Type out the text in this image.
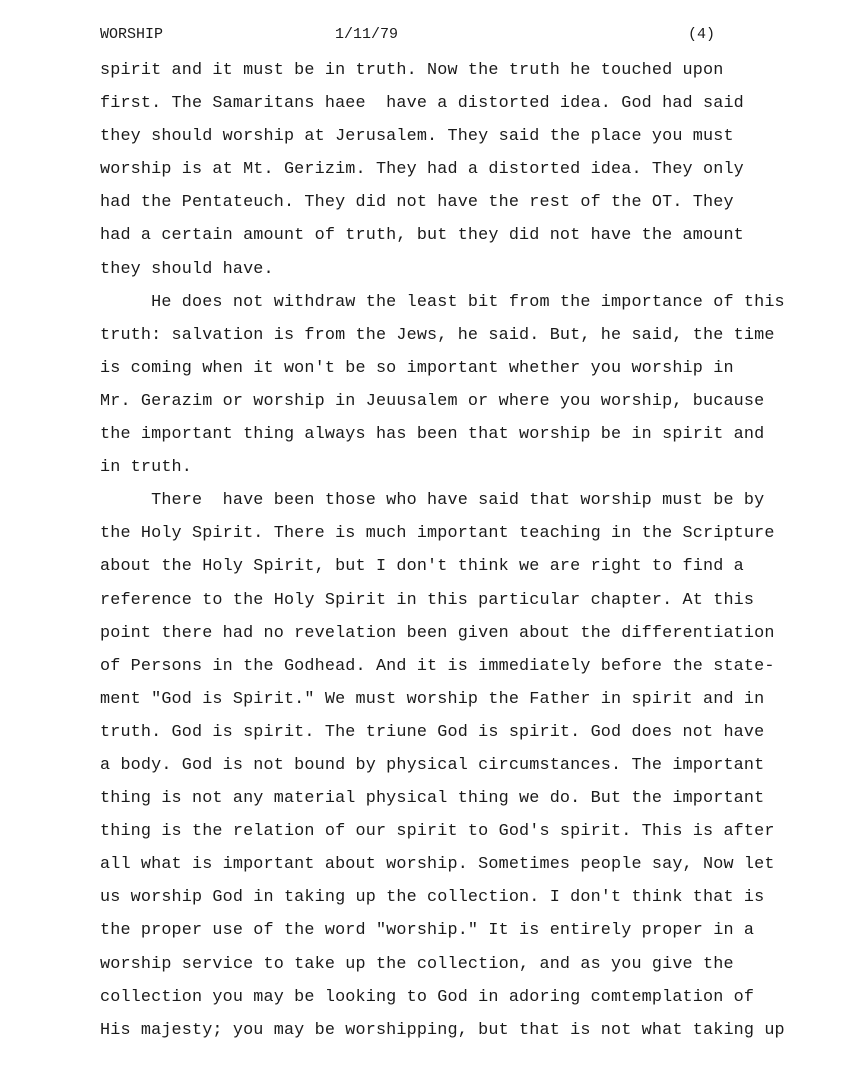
WORSHIP	1/11/79	(4)
spirit and it must be in truth. Now the truth he touched upon
first. The Samaritans haee  have a distorted idea. God had said
they should worship at Jerusalem. They said the place you must
worship is at Mt. Gerizim. They had a distorted idea. They only
had the Pentateuch. They did not have the rest of the OT. They
had a certain amount of truth, but they did not have the amount
they should have.
He does not withdraw the least bit from the importance of this
truth: salvation is from the Jews, he said. But, he said, the time
is coming when it won't be so important whether you worship in
Mr. Gerazim or worship in Jeuusalem or where you worship, bucause
the important thing always has been that worship be in spirit and
in truth.
There  have been those who have said that worship must be by
the Holy Spirit. There is much important teaching in the Scripture
about the Holy Spirit, but I don't think we are right to find a
reference to the Holy Spirit in this particular chapter. At this
point there had no revelation been given about the differentiation
of Persons in the Godhead. And it is immediately before the state-
ment "God is Spirit." We must worship the Father in spirit and in
truth. God is spirit. The triune God is spirit. God does not have
a body. God is not bound by physical circumstances. The important
thing is not any material physical thing we do. But the important
thing is the relation of our spirit to God's spirit. This is after
all what is important about worship. Sometimes people say, Now let
us worship God in taking up the collection. I don't think that is
the proper use of the word "worship." It is entirely proper in a
worship service to take up the collection, and as you give the
collection you may be looking to God in adoring comtemplation of
His majesty; you may be worshipping, but that is not what taking up
